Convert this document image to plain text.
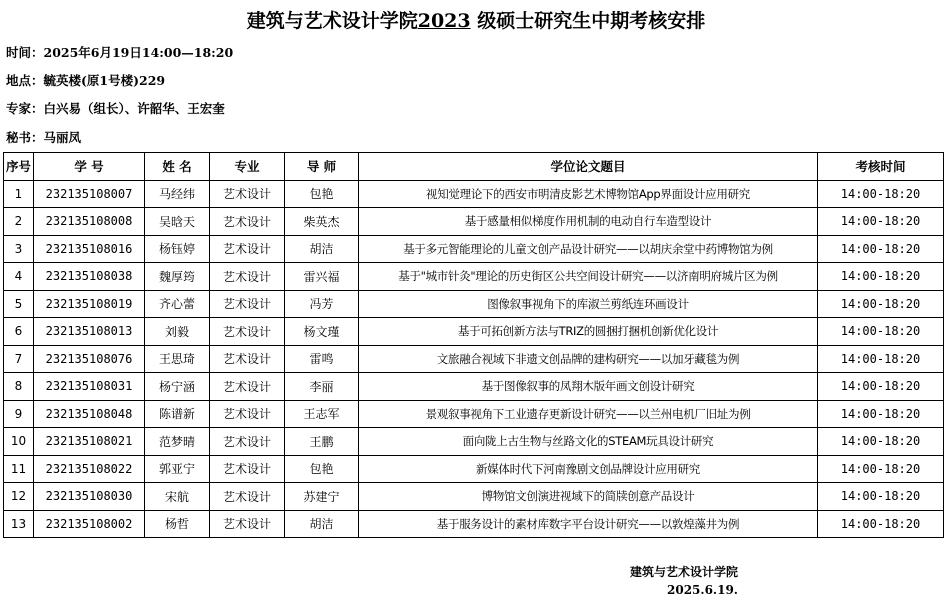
建筑与艺术设计学院2023 级硕士研究生中期考核安排
时间：2025年6月19日14:00—18:20
地点：毓英楼(原1号楼)229
专家：白兴易（组长）、许韶华、王宏奎
秘书：马丽凤
序号	学 号	姓 名	专业	导 师	学位论文题目	考核时间
1	232135108007	马经纬	艺术设计	包艳	视知觉理论下的西安市明清皮影艺术博物馆App界面设计应用研究	14:00-18:20
2	232135108008	吴晗天	艺术设计	柴英杰	基于感量相似梯度作用机制的电动自行车造型设计	14:00-18:20
3	232135108016	杨钰婷	艺术设计	胡洁	基于多元智能理论的儿童文创产品设计研究——以胡庆余堂中药博物馆为例	14:00-18:20
4	232135108038	魏厚筠	艺术设计	雷兴福	基于"城市针灸"理论的历史街区公共空间设计研究——以济南明府城片区为例	14:00-18:20
5	232135108019	齐心蕾	艺术设计	冯芳	图像叙事视角下的库淑兰剪纸连环画设计	14:00-18:20
6	232135108013	刘毅	艺术设计	杨文瑾	基于可拓创新方法与TRIZ的圆捆打捆机创新优化设计	14:00-18:20
7	232135108076	王思琦	艺术设计	雷鸣	文旅融合视域下非遗文创品牌的建构研究——以加牙藏毯为例	14:00-18:20
8	232135108031	杨宁涵	艺术设计	李丽	基于图像叙事的凤翔木版年画文创设计研究	14:00-18:20
9	232135108048	陈谱新	艺术设计	王志军	景观叙事视角下工业遗存更新设计研究——以兰州电机厂旧址为例	14:00-18:20
10	232135108021	范梦晴	艺术设计	王鹏	面向陇上古生物与丝路文化的STEAM玩具设计研究	14:00-18:20
11	232135108022	郭亚宁	艺术设计	包艳	新媒体时代下河南豫剧文创品牌设计应用研究	14:00-18:20
12	232135108030	宋航	艺术设计	苏建宁	博物馆文创演进视域下的简牍创意产品设计	14:00-18:20
13	232135108002	杨哲	艺术设计	胡洁	基于服务设计的素材库数字平台设计研究——以敦煌藻井为例	14:00-18:20
建筑与艺术设计学院
2025.6.19.
